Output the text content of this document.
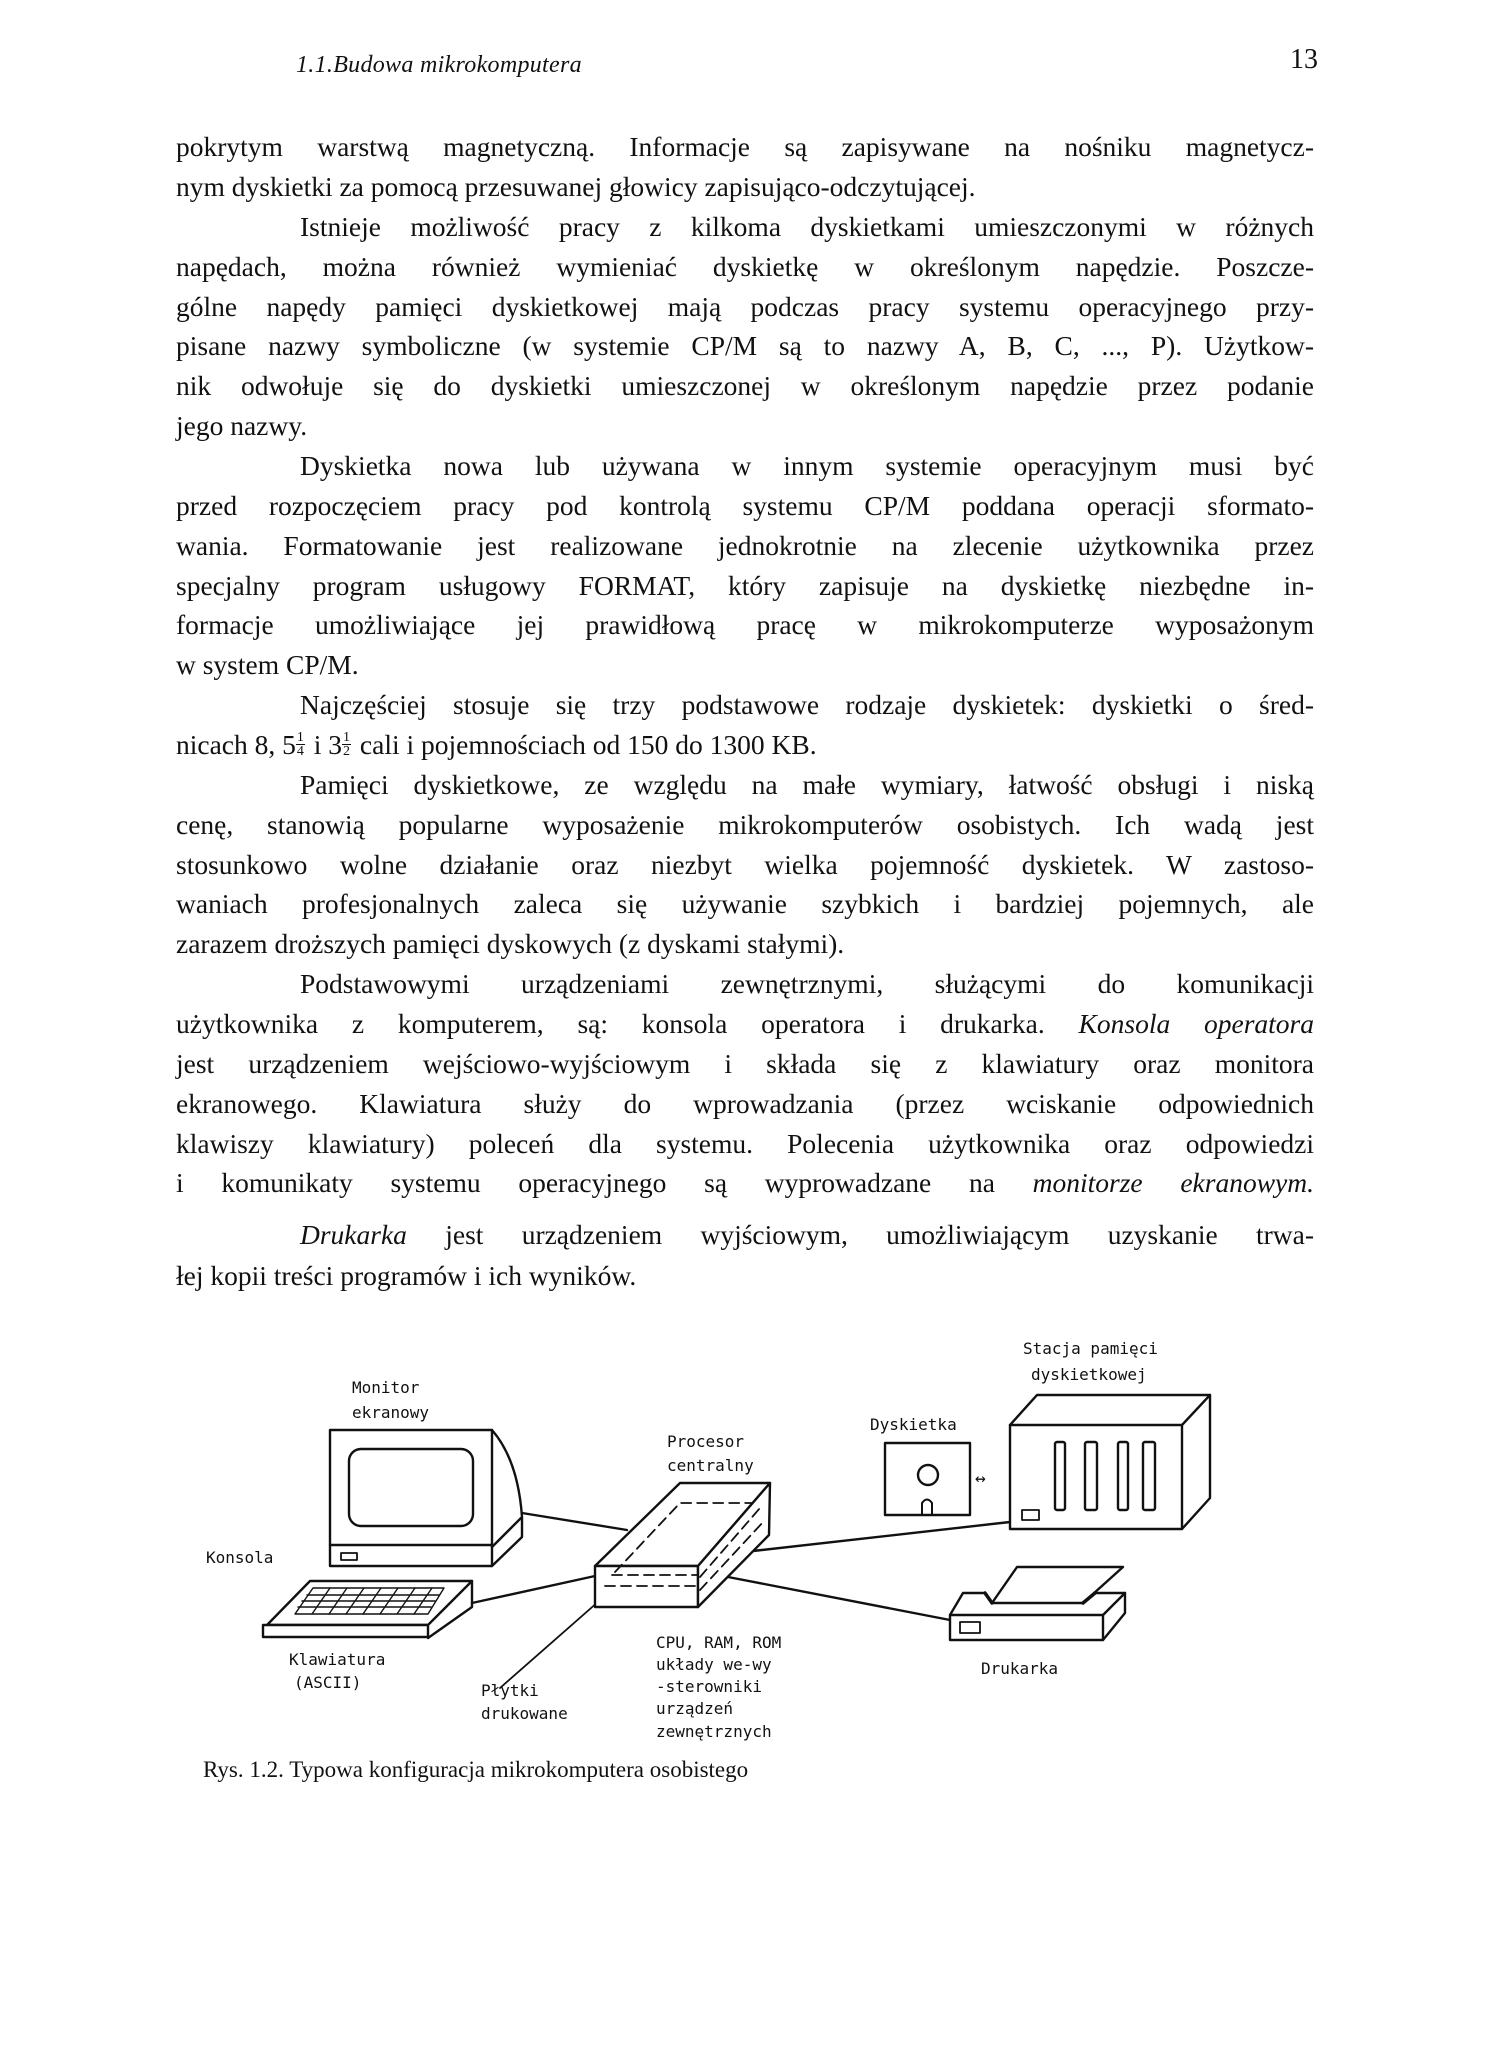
1.1.Budowa mikrokomputera	13
pokrytym warstwą magnetyczną. Informacje są zapisywane na nośniku magnetycz-
nym dyskietki za pomocą przesuwanej głowicy zapisująco-odczytującej.
Istnieje możliwość pracy z kilkoma dyskietkami umieszczonymi w różnych
napędach, można również wymieniać dyskietkę w określonym napędzie. Poszcze-
gólne napędy pamięci dyskietkowej mają podczas pracy systemu operacyjnego przy-
pisane nazwy symboliczne (w systemie CP/M są to nazwy A, B, C, ..., P). Użytkow-
nik odwołuje się do dyskietki umieszczonej w określonym napędzie przez podanie
jego nazwy.
Dyskietka nowa lub używana w innym systemie operacyjnym musi być
przed rozpoczęciem pracy pod kontrolą systemu CP/M poddana operacji sformato-
wania. Formatowanie jest realizowane jednokrotnie na zlecenie użytkownika przez
specjalny program usługowy FORMAT, który zapisuje na dyskietkę niezbędne in-
formacje umożliwiające jej prawidłową pracę w mikrokomputerze wyposażonym
w system CP/M.
Najczęściej stosuje się trzy podstawowe rodzaje dyskietek: dyskietki o śred-
nicach 8, $5 \frac{1}{4}$ i $3 \frac{1}{2}$ cali i pojemnościach od 150 do 1300 KB.
Pamięci dyskietkowe, ze względu na małe wymiary, łatwość obsługi i niską
cenę, stanowią popularne wyposażenie mikrokomputerów osobistych. Ich wadą jest
stosunkowo wolne działanie oraz niezbyt wielka pojemność dyskietek. W zastoso-
waniach profesjonalnych zaleca się używanie szybkich i bardziej pojemnych, ale
zarazem droższych pamięci dyskowych (z dyskami stałymi).
Podstawowymi urządzeniami zewnętrznymi, służącymi do komunikacji
użytkownika z komputerem, są: konsola operatora i drukarka. Konsola operatora
jest urządzeniem wejściowo-wyjściowym i składa się z klawiatury oraz monitora
ekranowego. Klawiatura służy do wprowadzania (przez wciskanie odpowiednich
klawiszy klawiatury) poleceń dla systemu. Polecenia użytkownika oraz odpowiedzi
i komunikaty systemu operacyjnego są wyprowadzane na monitorze ekranowym.
Drukarka jest urządzeniem wyjściowym, umożliwiającym uzyskanie trwa-
łej kopii treści programów i ich wyników.
Stacja pamięci
dyskietkowej
Monitor
ekranowy
Procesor
centralny
Dyskietka
↔
Konsola
Klawiatura
(ASCII)	Płytki
drukowane
CPU, RAM, ROM
układy we-wy
-sterowniki
urządzeń
zewnętrznych
Drukarka
Rys. 1.2. Typowa konfiguracja mikrokomputera osobistego
